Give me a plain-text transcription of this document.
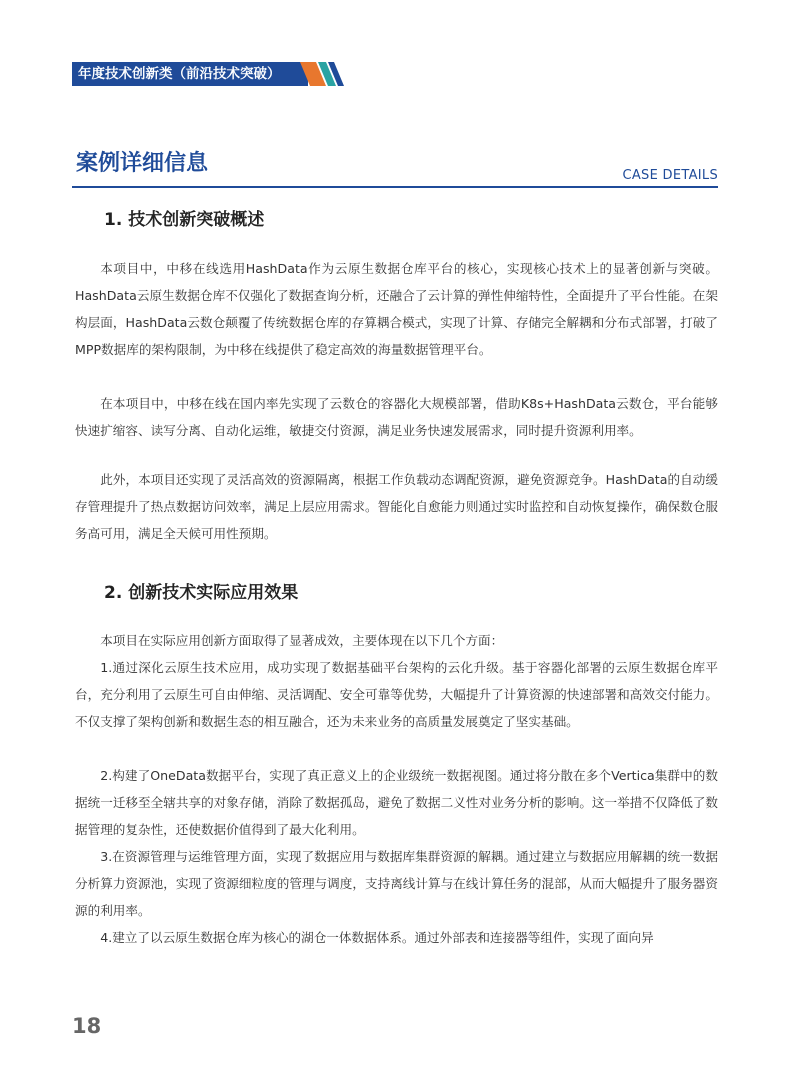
年度技术创新类（前沿技术突破）
案例详细信息	CASE DETAILS
1. 技术创新突破概述
本项目中，中移在线选用HashData作为云原生数据仓库平台的核心，实现核心技术上的显著创新与突破。HashData云原生数据仓库不仅强化了数据查询分析，还融合了云计算的弹性伸缩特性，全面提升了平台性能。在架构层面，HashData云数仓颠覆了传统数据仓库的存算耦合模式，实现了计算、存储完全解耦和分布式部署，打破了MPP数据库的架构限制，为中移在线提供了稳定高效的海量数据管理平台。
在本项目中，中移在线在国内率先实现了云数仓的容器化大规模部署，借助K8s+HashData云数仓，平台能够快速扩缩容、读写分离、自动化运维，敏捷交付资源，满足业务快速发展需求，同时提升资源利用率。
此外，本项目还实现了灵活高效的资源隔离，根据工作负载动态调配资源，避免资源竞争。HashData的自动缓存管理提升了热点数据访问效率，满足上层应用需求。智能化自愈能力则通过实时监控和自动恢复操作，确保数仓服务高可用，满足全天候可用性预期。
2. 创新技术实际应用效果
本项目在实际应用创新方面取得了显著成效，主要体现在以下几个方面：
1.通过深化云原生技术应用，成功实现了数据基础平台架构的云化升级。基于容器化部署的云原生数据仓库平台，充分利用了云原生可自由伸缩、灵活调配、安全可靠等优势，大幅提升了计算资源的快速部署和高效交付能力。不仅支撑了架构创新和数据生态的相互融合，还为未来业务的高质量发展奠定了坚实基础。
2.构建了OneData数据平台，实现了真正意义上的企业级统一数据视图。通过将分散在多个Vertica集群中的数据统一迁移至全辖共享的对象存储，消除了数据孤岛，避免了数据二义性对业务分析的影响。这一举措不仅降低了数据管理的复杂性，还使数据价值得到了最大化利用。
3.在资源管理与运维管理方面，实现了数据应用与数据库集群资源的解耦。通过建立与数据应用解耦的统一数据分析算力资源池，实现了资源细粒度的管理与调度，支持离线计算与在线计算任务的混部，从而大幅提升了服务器资源的利用率。
4.建立了以云原生数据仓库为核心的湖仓一体数据体系。通过外部表和连接器等组件，实现了面向异
18
